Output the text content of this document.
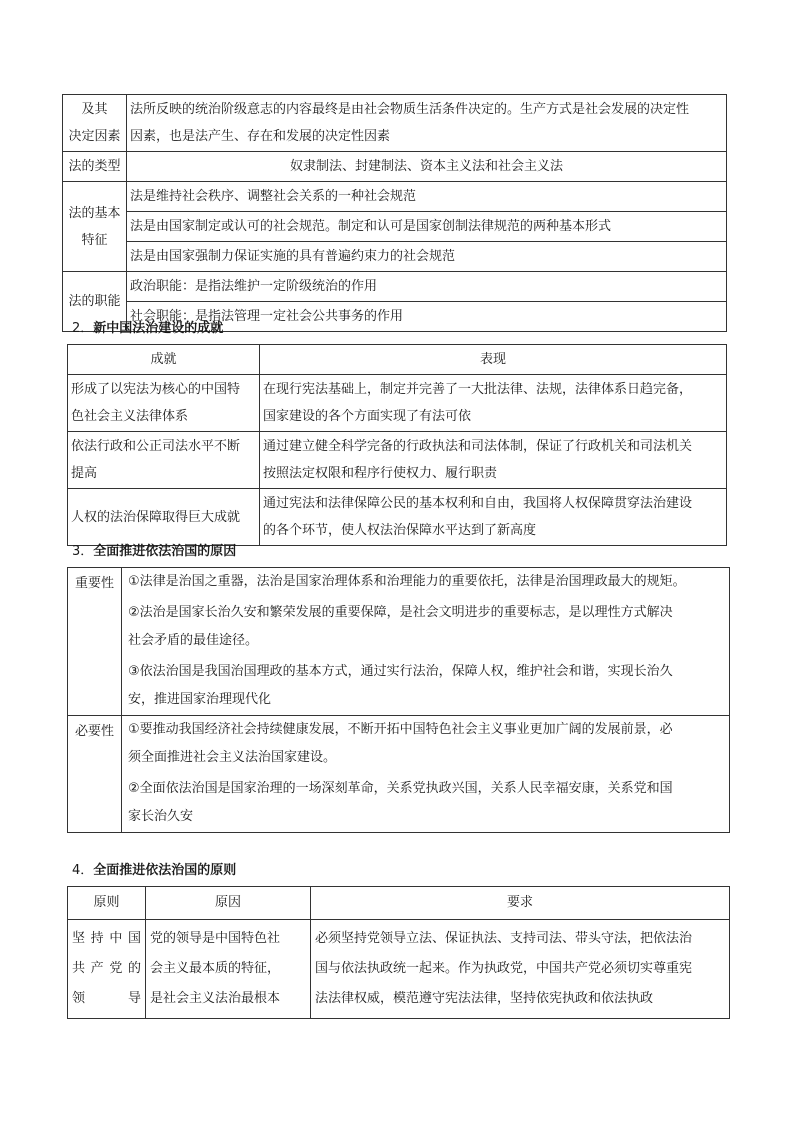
及其
决定因素	法所反映的统治阶级意志的内容最终是由社会物质生活条件决定的。生产方式是社会发展的决定性
因素，也是法产生、存在和发展的决定性因素

法的类型	奴隶制法、封建制法、资本主义法和社会主义法

法的基本
特征	法是维持社会秩序、调整社会关系的一种社会规范
	法是由国家制定或认可的社会规范。制定和认可是国家创制法律规范的两种基本形式
	法是由国家强制力保证实施的具有普遍约束力的社会规范
法的职能	政治职能：是指法维护一定阶级统治的作用
	社会职能：是指法管理一定社会公共事务的作用
2．新中国法治建设的成就
成就	表现

形成了以宪法为核心的中国特
色社会主义法律体系	在现行宪法基础上，制定并完善了一大批法律、法规，法律体系日趋完备，
国家建设的各个方面实现了有法可依

依法行政和公正司法水平不断
提高	通过建立健全科学完备的行政执法和司法体制，保证了行政机关和司法机关
按照法定权限和程序行使权力、履行职责

人权的法治保障取得巨大成就	通过宪法和法律保障公民的基本权利和自由，我国将人权保障贯穿法治建设
的各个环节，使人权法治保障水平达到了新高度
3．全面推进依法治国的原因
重要性	①法律是治国之重器，法治是国家治理体系和治理能力的重要依托，法律是治国理政最大的规矩。

②法治是国家长治久安和繁荣发展的重要保障，是社会文明进步的重要标志，是以理性方式解决
社会矛盾的最佳途径。

③依法治国是我国治国理政的基本方式，通过实行法治，保障人权，维护社会和谐，实现长治久
安，推进国家治理现代化

必要性	①要推动我国经济社会持续健康发展，不断开拓中国特色社会主义事业更加广阔的发展前景，必
须全面推进社会主义法治国家建设。

②全面依法治国是国家治理的一场深刻革命，关系党执政兴国，关系人民幸福安康，关系党和国
家长治久安

4．全面推进依法治国的原则
原则	原因	要求

坚持中国
共产党的
领导	党的领导是中国特色社
会主义最本质的特征，
是社会主义法治最根本	必须坚持党领导立法、保证执法、支持司法、带头守法，把依法治
国与依法执政统一起来。作为执政党，中国共产党必须切实尊重宪
法法律权威，模范遵守宪法法律，坚持依宪执政和依法执政
